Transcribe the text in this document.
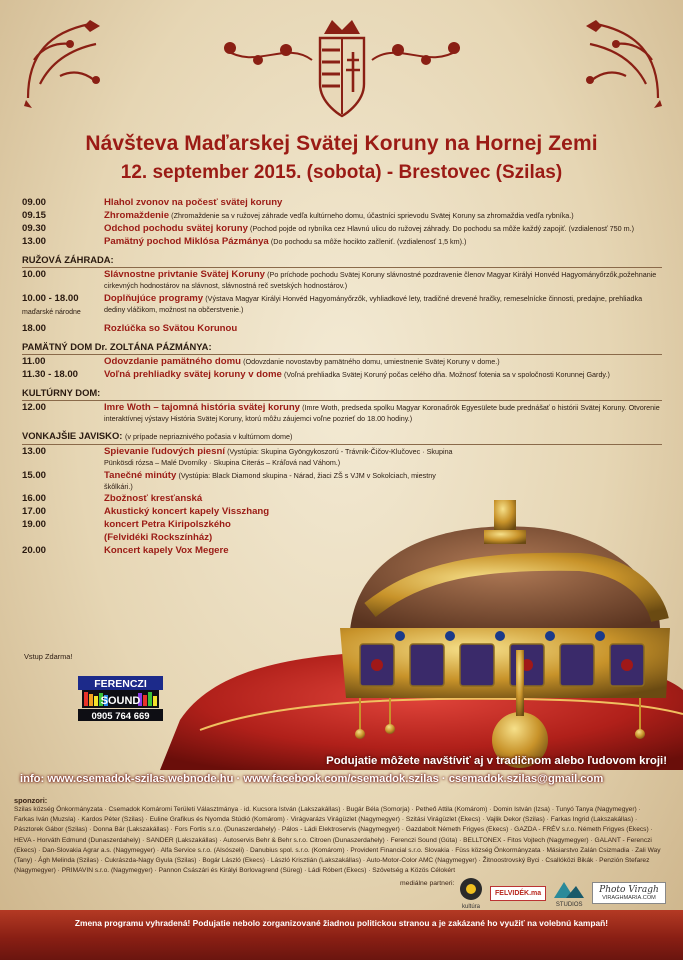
Návšteva Maďarskej Svätej Koruny na Hornej Zemi
12. september 2015. (sobota) - Brestovec (Szilas)
09.00	Hlahol zvonov na počesť svätej koruny
09.15	Zhromaždenie (Zhromaždenie sa v ružovej záhrade vedľa kultúrneho domu, účastníci sprievodu Svätej Koruny sa zhromaždia vedľa rybníka.)
09.30	Odchod pochodu svätej koruny (Pochod pojde od rybníka cez Hlavnú ulicu do ružovej záhrady. Do pochodu sa môže každý zapojiť. (vzdialenosť 750 m.)
13.00	Pamätný pochod Miklósa Pázmánya (Do pochodu sa môže hocikto začleniť. (vzdialenosť 1,5 km).)
RUŽOVÁ ZÁHRADA:
10.00	Slávnostne privtanie Svätej Koruny (Po príchode pochodu Svätej Koruny slávnostné pozdravenie členov Magyar Királyi Honvéd Hagyományőrzők,požehnanie cirkevných hodnostárov na slávnost, slávnostná reč svetských hodnostárov.)
10.00 - 18.00
maďarské národne
Doplňujúce programy (Výstava Magyar Királyi Honvéd Hagyományőrzők, vyhliadkové lety, tradičné drevené hračky, remeselnícke činnosti, predajne, prehliadka dediny vláčikom, možnost na občerstvenie.)
18.00	Rozlúčka so Svätou Korunou
PAMÄTNÝ DOM Dr. ZOLTÁNA PÁZMÁNYA:
11.00	Odovzdanie pamätného domu (Odovzdanie novostavby pamätného domu, umiestnenie Svätej Koruny v dome.)
11.30 - 18.00	Voľná prehliadky svätej koruny v dome (Voľná prehliadka Svätej Koruný počas celého dňa. Možnosť fotenia sa v spoločnosti Korunnej Gardy.)
KULTÚRNY DOM:
12.00	Imre Woth – tajomná história svätej koruny (Imre Woth, predseda spolku Magyar Koronaőrök Egyesülete bude prednášať o histórii Svätej Koruny. Otvorenie interaktívnej výstavy História Svätej Koruny, ktorú môžu záujemci voľne pozrieť do 18.00 hodiny.)
VONKAJŠIE JAVISKO: (v prípade nepriaznivého počasia v kultúrnom dome)
13.00	Spievanie ľudových piesní (Vystúpia: Skupina Gyöngykoszorú - Trávnik-Čičov-Klučovec · Skupina Pünkösdi rózsa – Malé Dvorníky · Skupina Citerás – Kráľová nad Váhom.)
15.00	Tanečné minúty (Vystúpia: Black Diamond skupina - Nárad, žiaci ZŠ s VJM v Sokolciach, miestny škôlkári.)
16.00	Zbožnosť kresťanská
17.00	Akustický koncert kapely Visszhang
19.00	koncert Petra Kiripolszkého
(Felvidéki Rockszínház)
20.00	Koncert kapely Vox Megere
Vstup Zdarma!
FERENCZI
SOUND
0905 764 669
Podujatie môžete navštíviť aj v tradičnom alebo ľudovom kroji!
info: www.csemadok-szilas.webnode.hu · www.facebook.com/csemadok.szilas · csemadok.szilas@gmail.com
sponzori:
Szilas község Önkormányzata · Csemadok Komáromi Területi Választmánya · id. Kucsora István (Lakszakállas) · Bugár Béla (Somorja) · Petheő Attila (Komárom) · Domin István (Izsa) · Tunyó Tanya (Nagymegyer) · Farkas Iván (Muzsla) · Kardos Péter (Szilas) · Euline Grafikus és Nyomda Stúdió (Komárom) · Virágvarázs Virágüzlet (Nagymegyer) · Szitási Virágüzlet (Ekecs) · Vajlik Dekor (Szilas) · Farkas Ingrid (Lakszakállas) · Pásztorek Gábor (Szilas) · Donna Bár (Lakszakállas) · Fors Fortis s.r.o. (Dunaszerdahely) · Pálos - Ládi Elektroservis (Nagymegyer) · Gazdabolt Németh Frigyes (Ekecs) · GAZDA - FRÉV s.r.o. Németh Frigyes (Ekecs) · HEVA - Horváth Edmund (Dunaszerdahely) · SANDER (Lakszakállas) · Autoservis Behr & Behr s.r.o. Citroen (Dunaszerdahely) · Ferenczi Sound (Gúta) · BELLTONEX - Fitos Vojtech (Nagymegyer) · GALANT - Ferenczi (Ekecs) · Dan-Slovakia Agrar a.s. (Nagymegyer) · Alfa Service s.r.o. (Alsószeli) · Danubius spol. s.r.o. (Komárom) · Provident Financial s.r.o. Slovakia · Füss község Önkormányzata · Másiarstvo Zalán Csizmadia · Zali Way (Tany) · Ágh Melinda (Szilas) · Cukrászda-Nagy Gyula (Szilas) · Bogár László (Ekecs) · László Krisztián (Lakszakállas) · Auto-Motor-Color AMC (Nagymegyer) · Žitnoostrovský Byci · Csallóközi Bikák · Penzión Stefarez (Nagymegyer) · PRIMAVIN s.r.o. (Nagymegyer) · Pannon Császári és Királyi Borlovagrend (Süreg) · Ládi Róbert (Ekecs) · Szövetség a Közös Célokért
mediálne partneri:
kultúra
FELVIDÉK.ma
STUDIOS
Photo Viragh
VIRAGHMARIA.COM
Zmena programu vyhradená! Podujatie nebolo zorganizované žiadnou politickou stranou a je zakázané ho využiť na volebnú kampaň!
